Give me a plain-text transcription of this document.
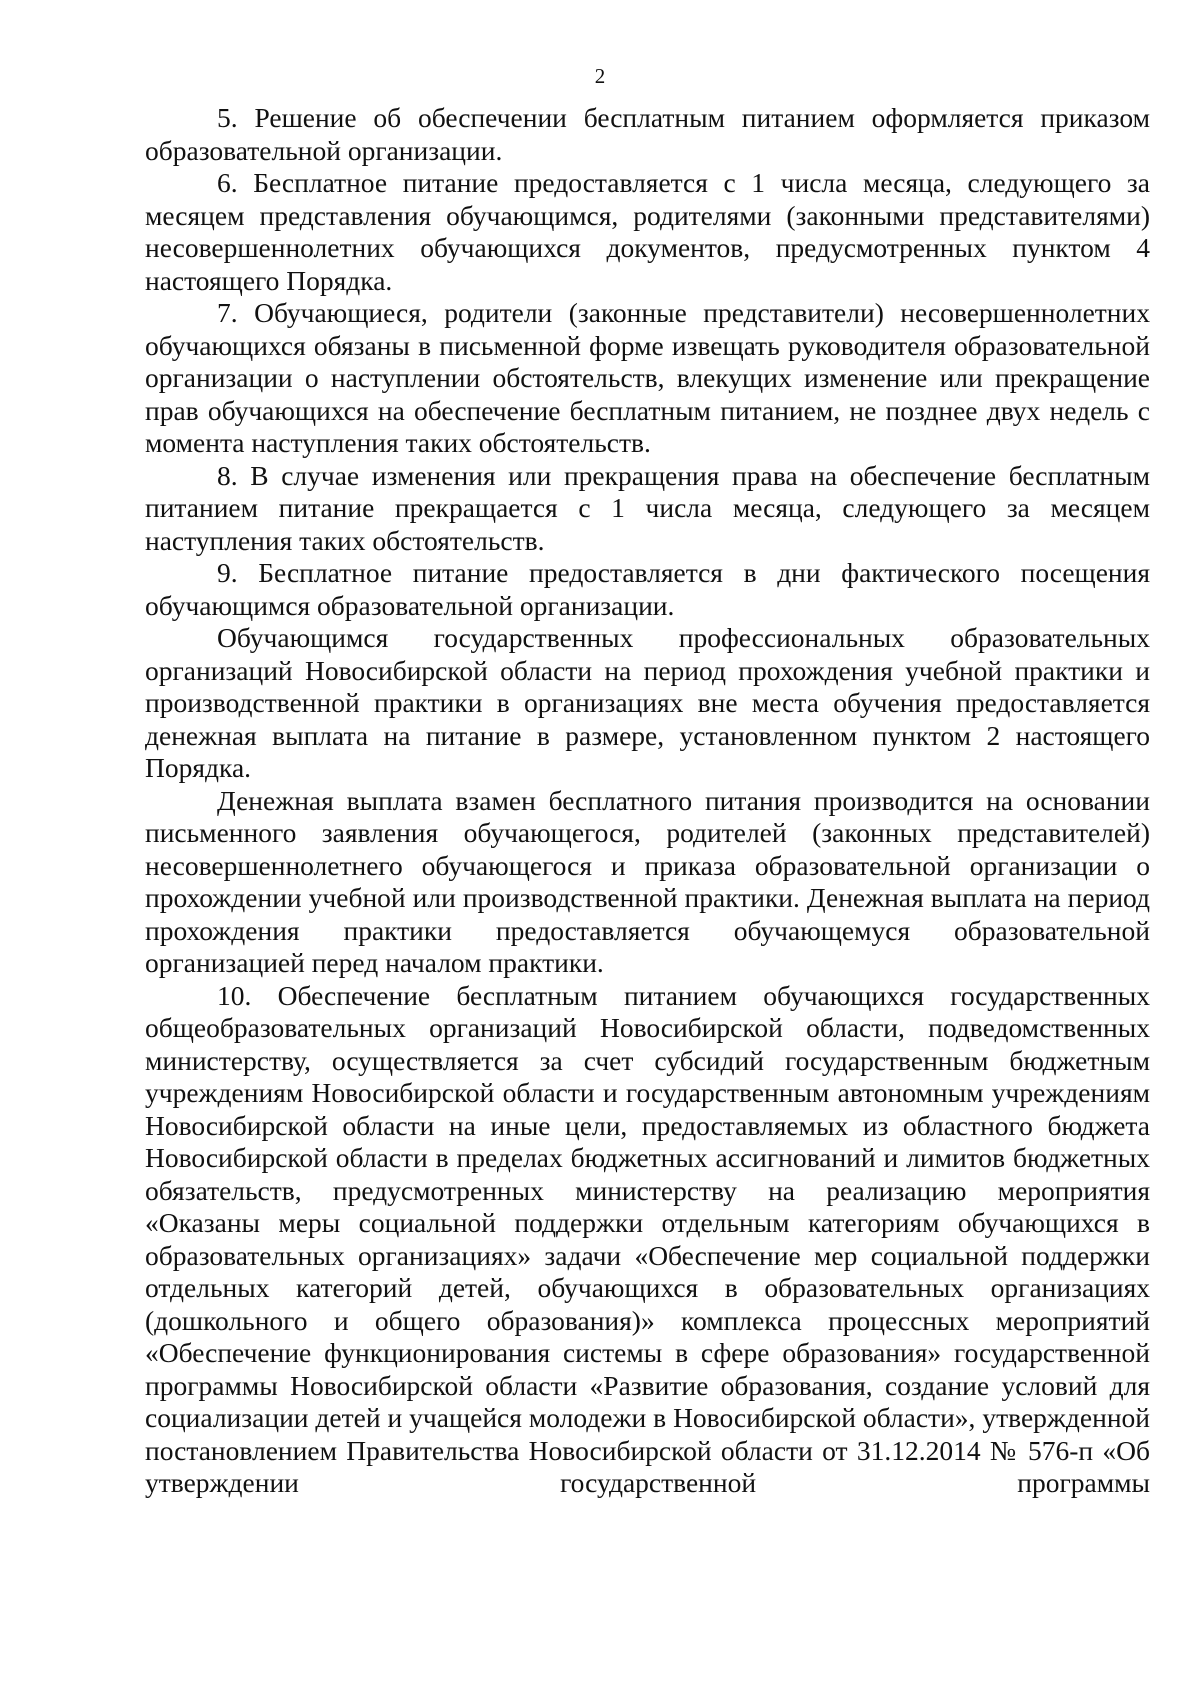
2

5. Решение об обеспечении бесплатным питанием оформляется приказом образовательной организации.

6. Бесплатное питание предоставляется с 1 числа месяца, следующего за месяцем представления обучающимся, родителями (законными представителями) несовершеннолетних обучающихся документов, предусмотренных пунктом 4 настоящего Порядка.

7. Обучающиеся, родители (законные представители) несовершеннолетних обучающихся обязаны в письменной форме извещать руководителя образовательной организации о наступлении обстоятельств, влекущих изменение или прекращение прав обучающихся на обеспечение бесплатным питанием, не позднее двух недель с момента наступления таких обстоятельств.

8. В случае изменения или прекращения права на обеспечение бесплатным питанием питание прекращается с 1 числа месяца, следующего за месяцем наступления таких обстоятельств.

9. Бесплатное питание предоставляется в дни фактического посещения обучающимся образовательной организации.

Обучающимся государственных профессиональных образовательных организаций Новосибирской области на период прохождения учебной практики и производственной практики в организациях вне места обучения предоставляется денежная выплата на питание в размере, установленном пунктом 2 настоящего Порядка.

Денежная выплата взамен бесплатного питания производится на основании письменного заявления обучающегося, родителей (законных представителей) несовершеннолетнего обучающегося и приказа образовательной организации о прохождении учебной или производственной практики. Денежная выплата на период прохождения практики предоставляется обучающемуся образовательной организацией перед началом практики.

10. Обеспечение бесплатным питанием обучающихся государственных общеобразовательных организаций Новосибирской области, подведомственных министерству, осуществляется за счет субсидий государственным бюджетным учреждениям Новосибирской области и государственным автономным учреждениям Новосибирской области на иные цели, предоставляемых из областного бюджета Новосибирской области в пределах бюджетных ассигнований и лимитов бюджетных обязательств, предусмотренных министерству на реализацию мероприятия «Оказаны меры социальной поддержки отдельным категориям обучающихся в образовательных организациях» задачи «Обеспечение мер социальной поддержки отдельных категорий детей, обучающихся в образовательных организациях (дошкольного и общего образования)» комплекса процессных мероприятий «Обеспечение функционирования системы в сфере образования» государственной программы Новосибирской области «Развитие образования, создание условий для социализации детей и учащейся молодежи в Новосибирской области», утвержденной постановлением Правительства Новосибирской области от 31.12.2014 № 576-п «Об утверждении государственной программы
